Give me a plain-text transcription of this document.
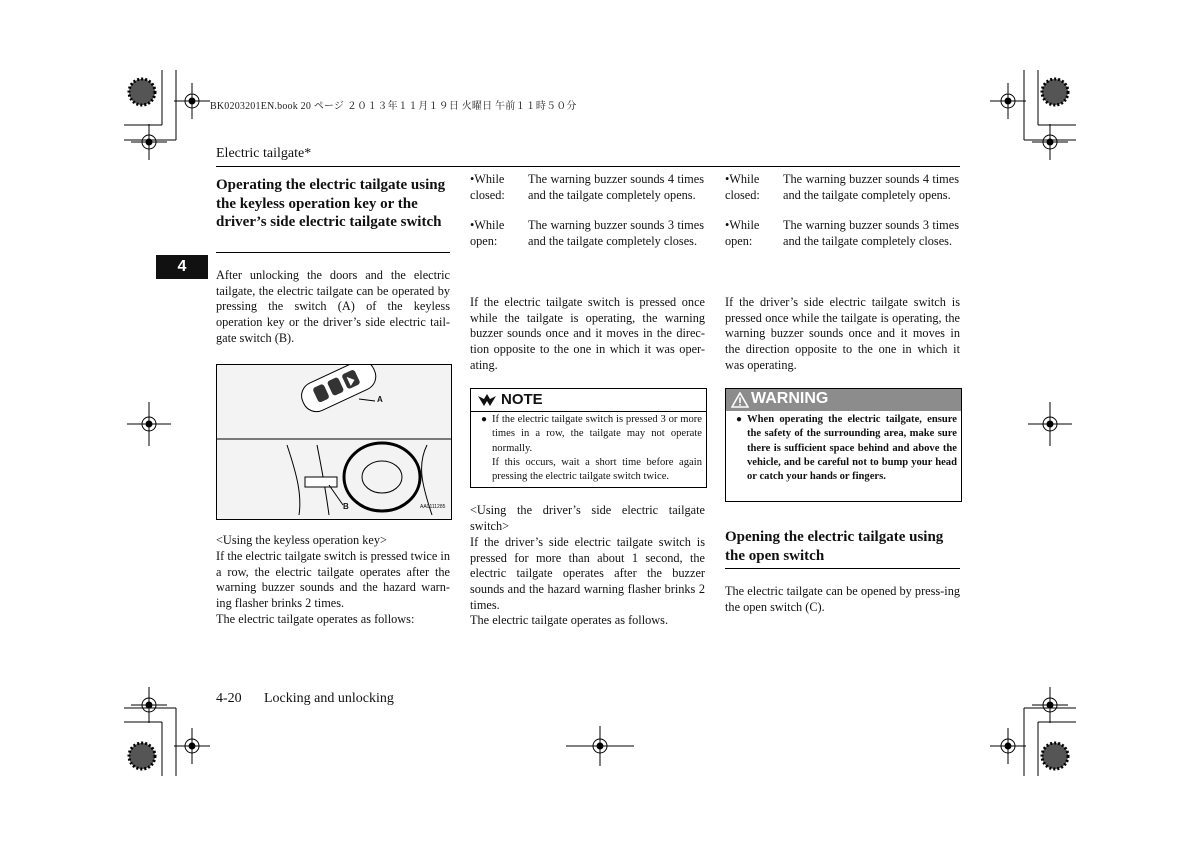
BK0203201EN.book 20 ページ ２０１３年１１月１９日 火曜日 午前１１時５０分
Electric tailgate*
4
Operating the electric tailgate using the keyless operation key or the driver’s side electric tailgate switch
After unlocking the doors and the electric tailgate, the electric tailgate can be operated by pressing the switch (A) of the keyless operation key or the driver’s side electric tail-gate switch (B).
A
B	AA0111285
<Using the keyless operation key>
If the electric tailgate switch is pressed twice in a row, the electric tailgate operates after the warning buzzer sounds and the hazard warn-ing flasher brinks 2 times.
The electric tailgate operates as follows:
•While
closed:
The warning buzzer sounds 4 times and the tailgate completely opens.
•While
open:
The warning buzzer sounds 3 times and the tailgate completely closes.
If the electric tailgate switch is pressed once while the tailgate is operating, the warning buzzer sounds once and it moves in the direc-tion opposite to the one in which it was oper-ating.
NOTE
● If the electric tailgate switch is pressed 3 or more times in a row, the tailgate may not operate normally.
If this occurs, wait a short time before again pressing the electric tailgate switch twice.
<Using the driver’s side electric tailgate switch>
If the driver’s side electric tailgate switch is pressed for more than about 1 second, the electric tailgate operates after the buzzer sounds and the hazard warning flasher brinks 2 times.
The electric tailgate operates as follows.
•While
closed:
The warning buzzer sounds 4 times and the tailgate completely opens.
•While
open:
The warning buzzer sounds 3 times and the tailgate completely closes.
If the driver’s side electric tailgate switch is pressed once while the tailgate is operating, the warning buzzer sounds once and it moves in the direction opposite to the one in which it was operating.
WARNING
● When operating the electric tailgate, ensure the safety of the surrounding area, make sure there is sufficient space behind and above the vehicle, and be careful not to bump your head or catch your hands or fingers.
Opening the electric tailgate using the open switch
The electric tailgate can be opened by press-ing the open switch (C).
4-20 Locking and unlocking
